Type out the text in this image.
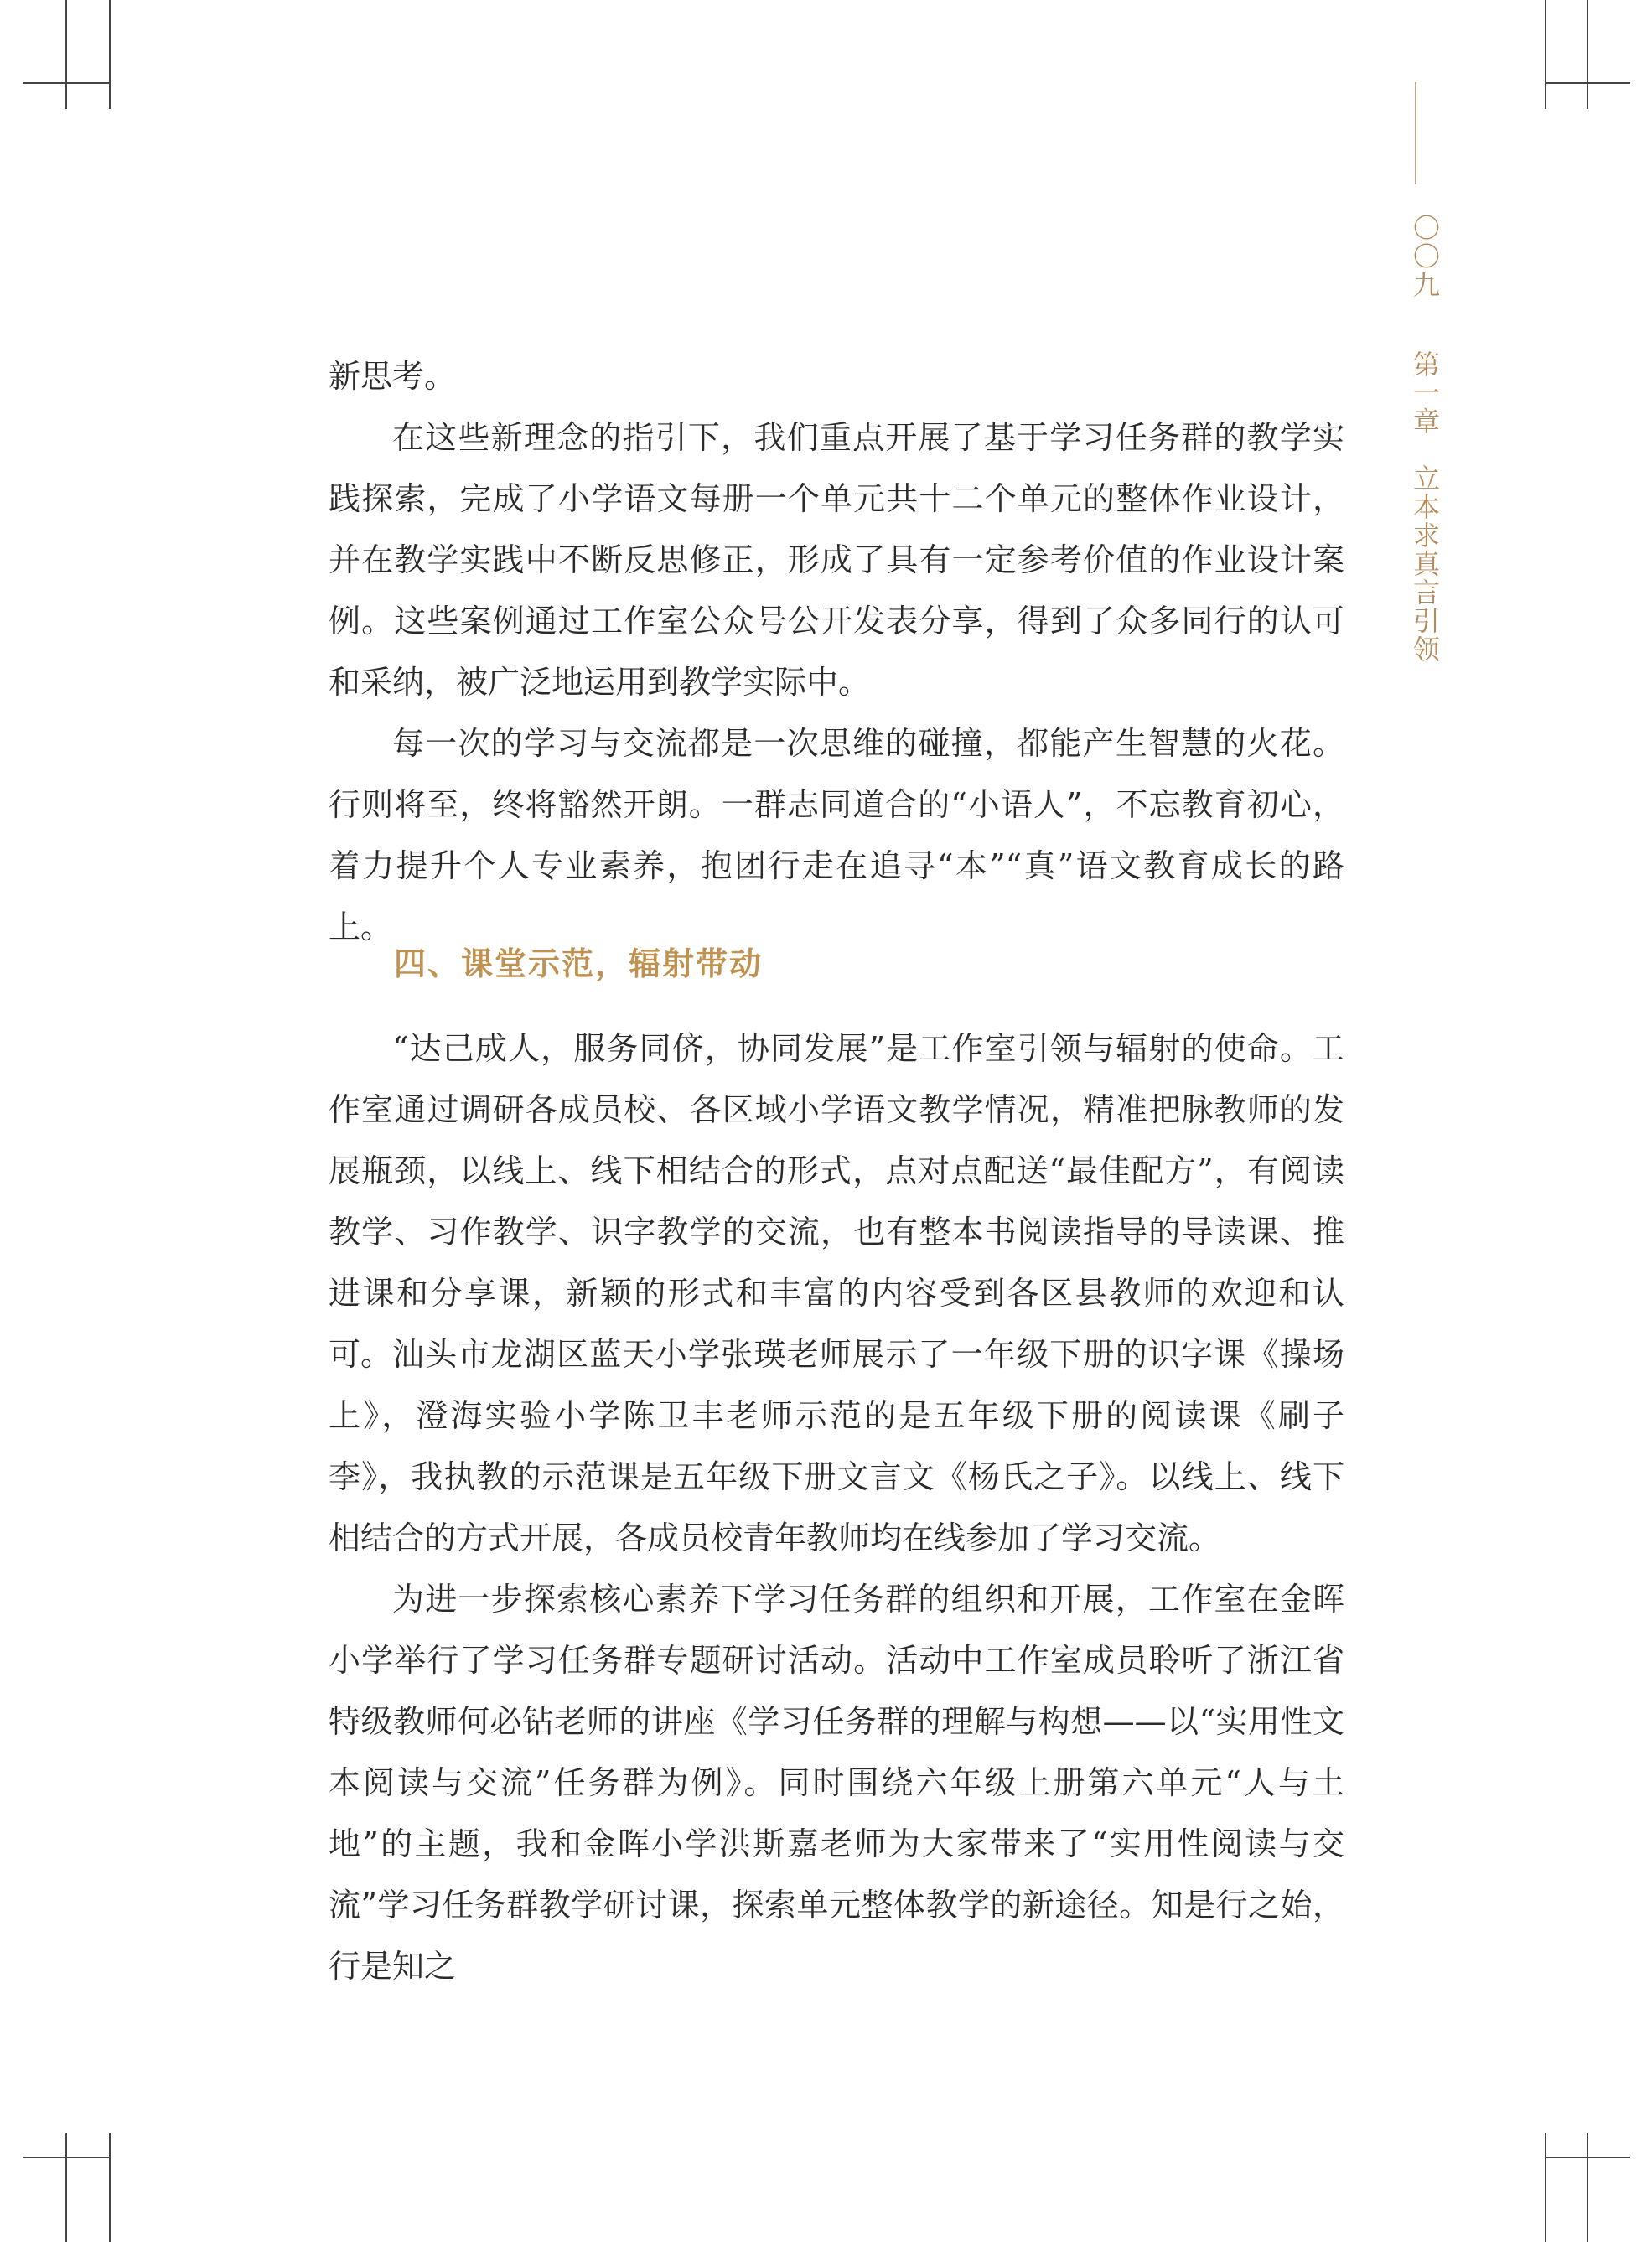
〇〇九
第一章　立本求真言引领

新思考。

在这些新理念的指引下，我们重点开展了基于学习任务群的教学实践探索，完成了小学语文每册一个单元共十二个单元的整体作业设计，并在教学实践中不断反思修正，形成了具有一定参考价值的作业设计案例。这些案例通过工作室公众号公开发表分享，得到了众多同行的认可和采纳，被广泛地运用到教学实际中。

每一次的学习与交流都是一次思维的碰撞，都能产生智慧的火花。行则将至，终将豁然开朗。一群志同道合的“小语人”，不忘教育初心，着力提升个人专业素养，抱团行走在追寻“本”“真”语文教育成长的路上。

四、课堂示范，辐射带动

“达己成人，服务同侪，协同发展”是工作室引领与辐射的使命。工作室通过调研各成员校、各区域小学语文教学情况，精准把脉教师的发展瓶颈，以线上、线下相结合的形式，点对点配送“最佳配方”，有阅读教学、习作教学、识字教学的交流，也有整本书阅读指导的导读课、推进课和分享课，新颖的形式和丰富的内容受到各区县教师的欢迎和认可。 汕头市龙湖区蓝天小学张瑛老师展示了一年级下册的识字课《操场上》，澄海实验小学陈卫丰老师示范的是五年级下册的阅读课《刷子李》，我执教的示范课是五年级下册文言文《杨氏之子》。以线上、线下相结合的方式开展，各成员校青年教师均在线参加了学习交流。

为进一步探索核心素养下学习任务群的组织和开展，工作室在金晖小学举行了学习任务群专题研讨活动。活动中工作室成员聆听了浙江省特级教师何必钻老师的讲座《学习任务群的理解与构想——以“实用性文本阅读与交流”任务群为例》。同时围绕六年级上册第六单元“人与土地”的主题，我和金晖小学洪斯嘉老师为大家带来了“实用性阅读与交流”学习任务群教学研讨课，探索单元整体教学的新途径。知是行之始，行是知之
